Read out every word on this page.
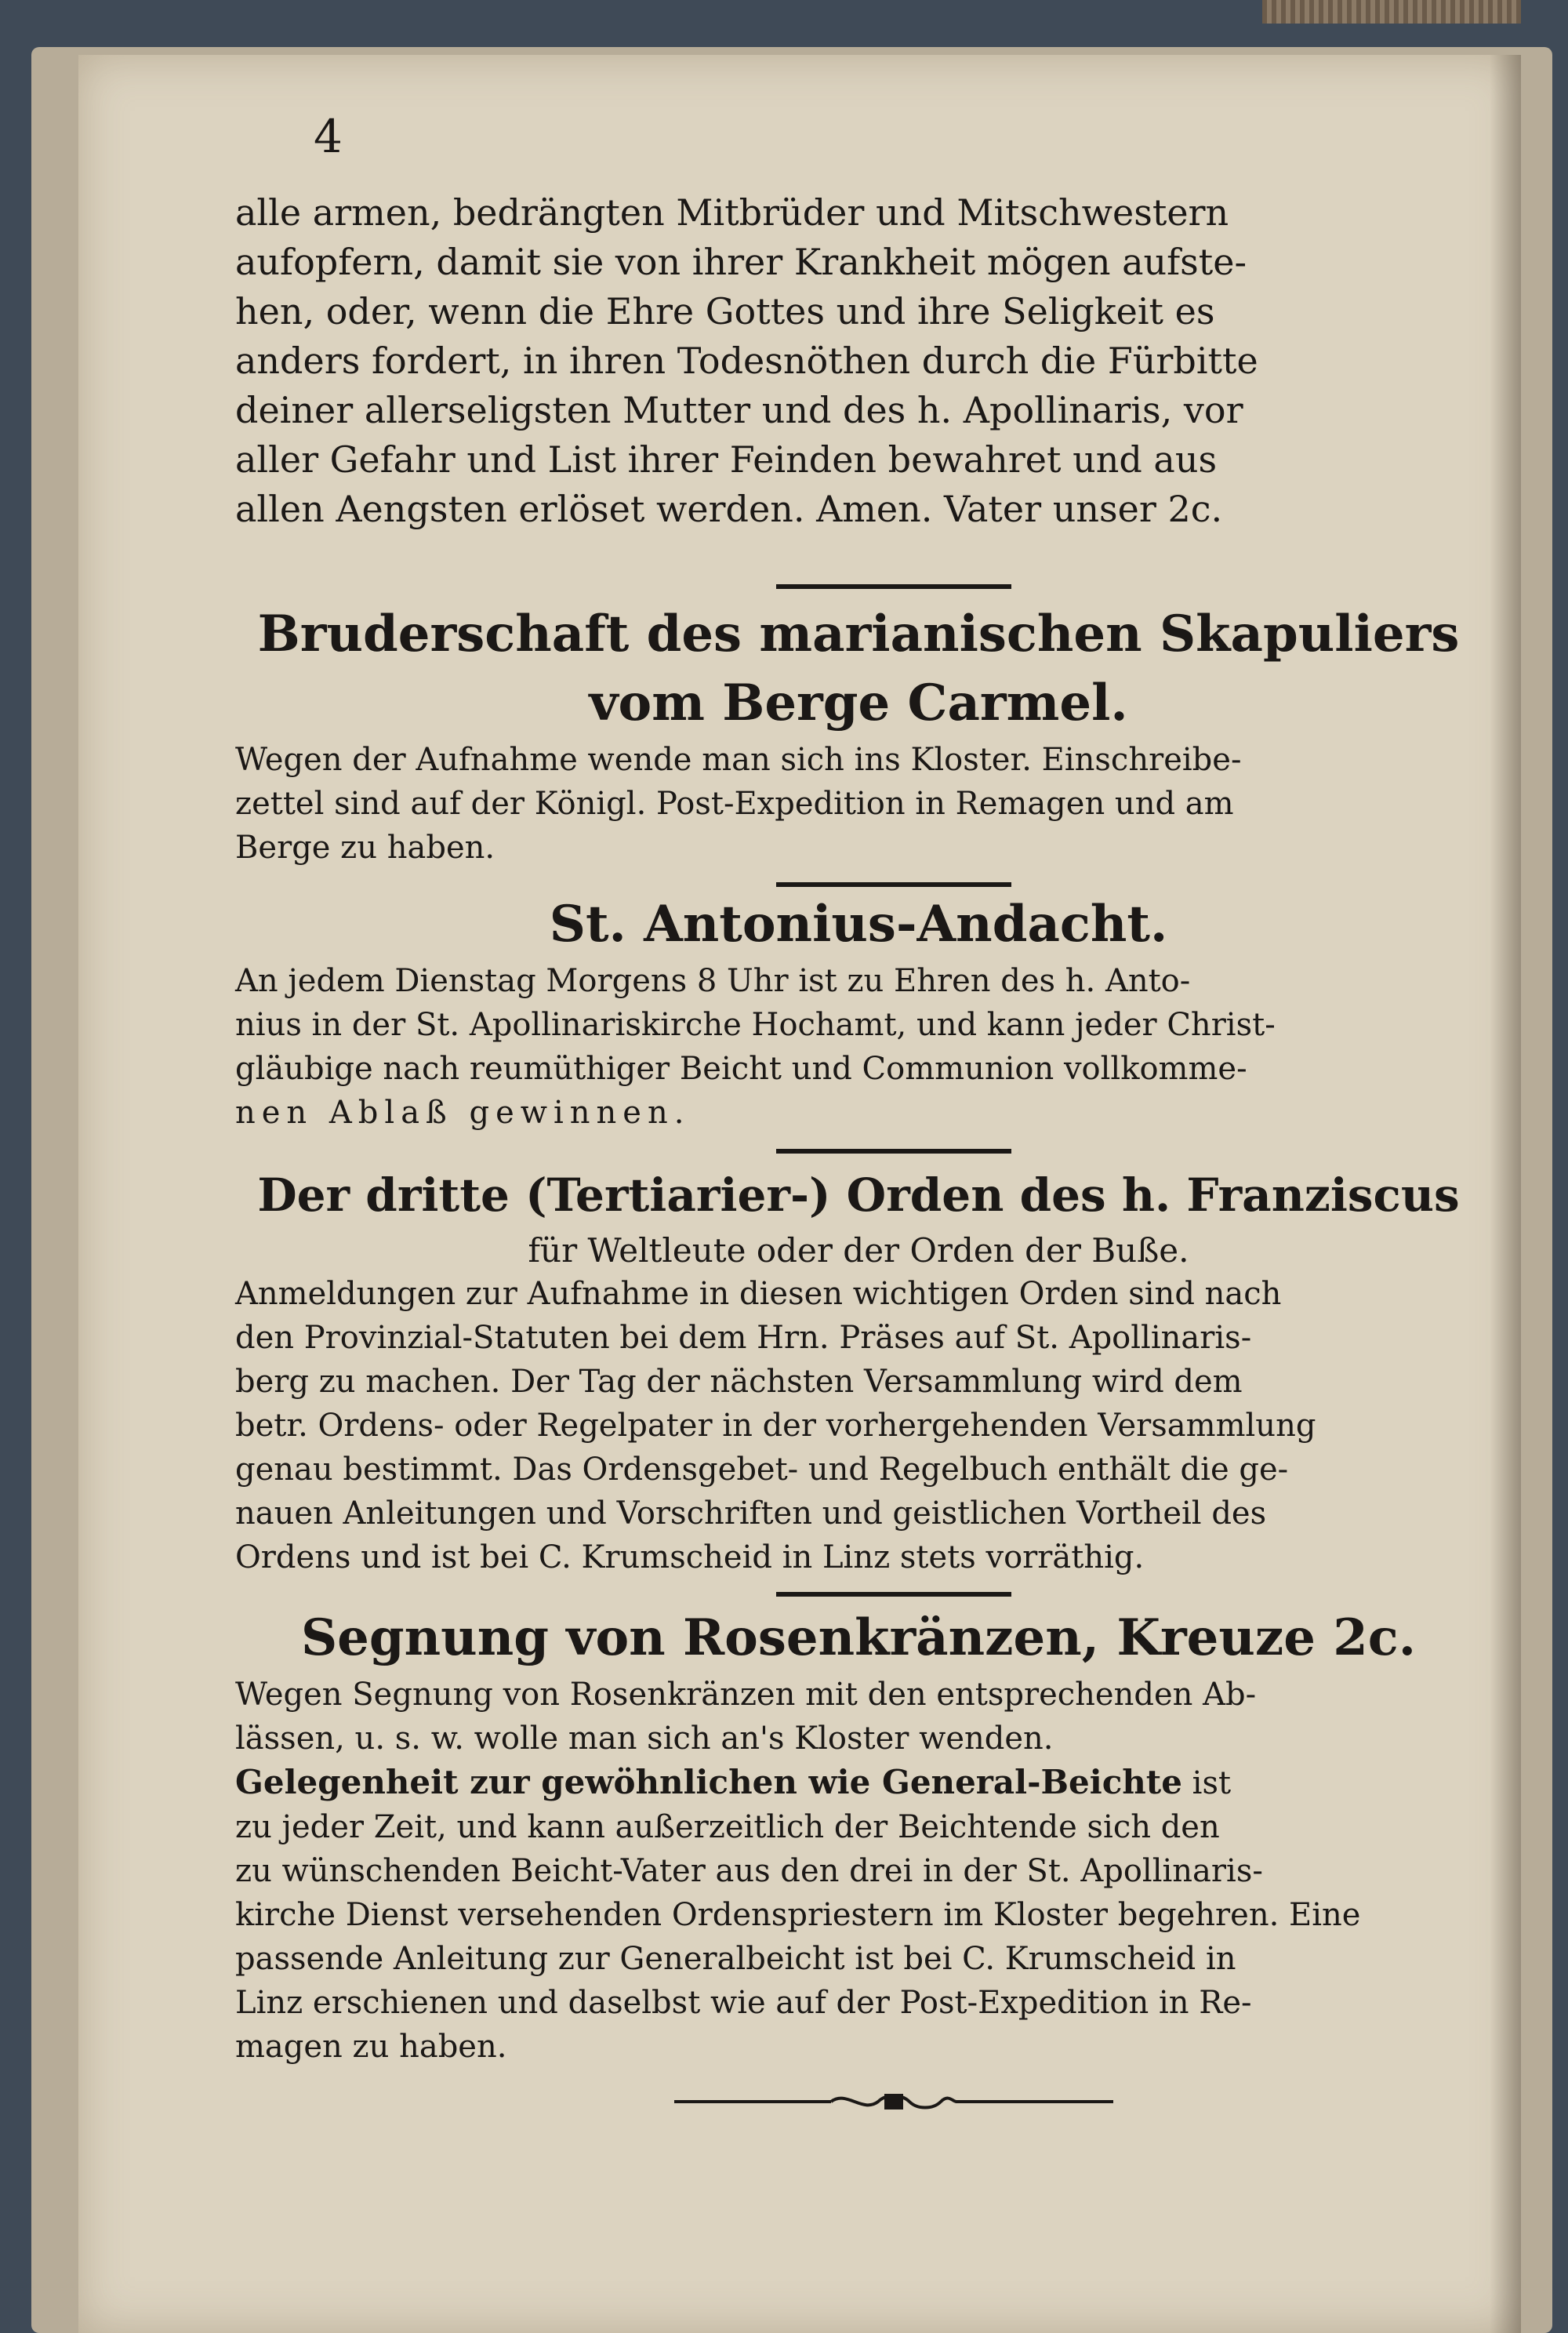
4

alle armen, bedrängten Mitbrüder und Mitschwestern

aufopfern, damit sie von ihrer Krankheit mögen aufste-

hen, oder, wenn die Ehre Gottes und ihre Seligkeit es

anders fordert, in ihren Todesnöthen durch die Fürbitte

deiner allerseligsten Mutter und des h. Apollinaris, vor

aller Gefahr und List ihrer Feinden bewahret und aus

allen Aengsten erlöset werden. Amen. Vater unser 2c.

Bruderschaft des marianischen Skapuliers

vom Berge Carmel.

Wegen der Aufnahme wende man sich ins Kloster. Einschreibe-

zettel sind auf der Königl. Post-Expedition in Remagen und am

Berge zu haben.

St. Antonius-Andacht.

An jedem Dienstag Morgens 8 Uhr ist zu Ehren des h. Anto-

nius in der St. Apollinariskirche Hochamt, und kann jeder Christ-

gläubige nach reumüthiger Beicht und Communion vollkomme-

nen Ablaß gewinnen.

Der dritte (Tertiarier-) Orden des h. Franziscus

für Weltleute oder der Orden der Buße.

Anmeldungen zur Aufnahme in diesen wichtigen Orden sind nach

den Provinzial-Statuten bei dem Hrn. Präses auf St. Apollinaris-

berg zu machen. Der Tag der nächsten Versammlung wird dem

betr. Ordens- oder Regelpater in der vorhergehenden Versammlung

genau bestimmt. Das Ordensgebet- und Regelbuch enthält die ge-

nauen Anleitungen und Vorschriften und geistlichen Vortheil des

Ordens und ist bei C. Krumscheid in Linz stets vorräthig.

Segnung von Rosenkränzen, Kreuze 2c.

Wegen Segnung von Rosenkränzen mit den entsprechenden Ab-

lässen, u. s. w. wolle man sich an's Kloster wenden.

Gelegenheit zur gewöhnlichen wie General-Beichte ist

zu jeder Zeit, und kann außerzeitlich der Beichtende sich den

zu wünschenden Beicht-Vater aus den drei in der St. Apollinaris-

kirche Dienst versehenden Ordenspriestern im Kloster begehren. Eine

passende Anleitung zur Generalbeicht ist bei C. Krumscheid in

Linz erschienen und daselbst wie auf der Post-Expedition in Re-

magen zu haben.
